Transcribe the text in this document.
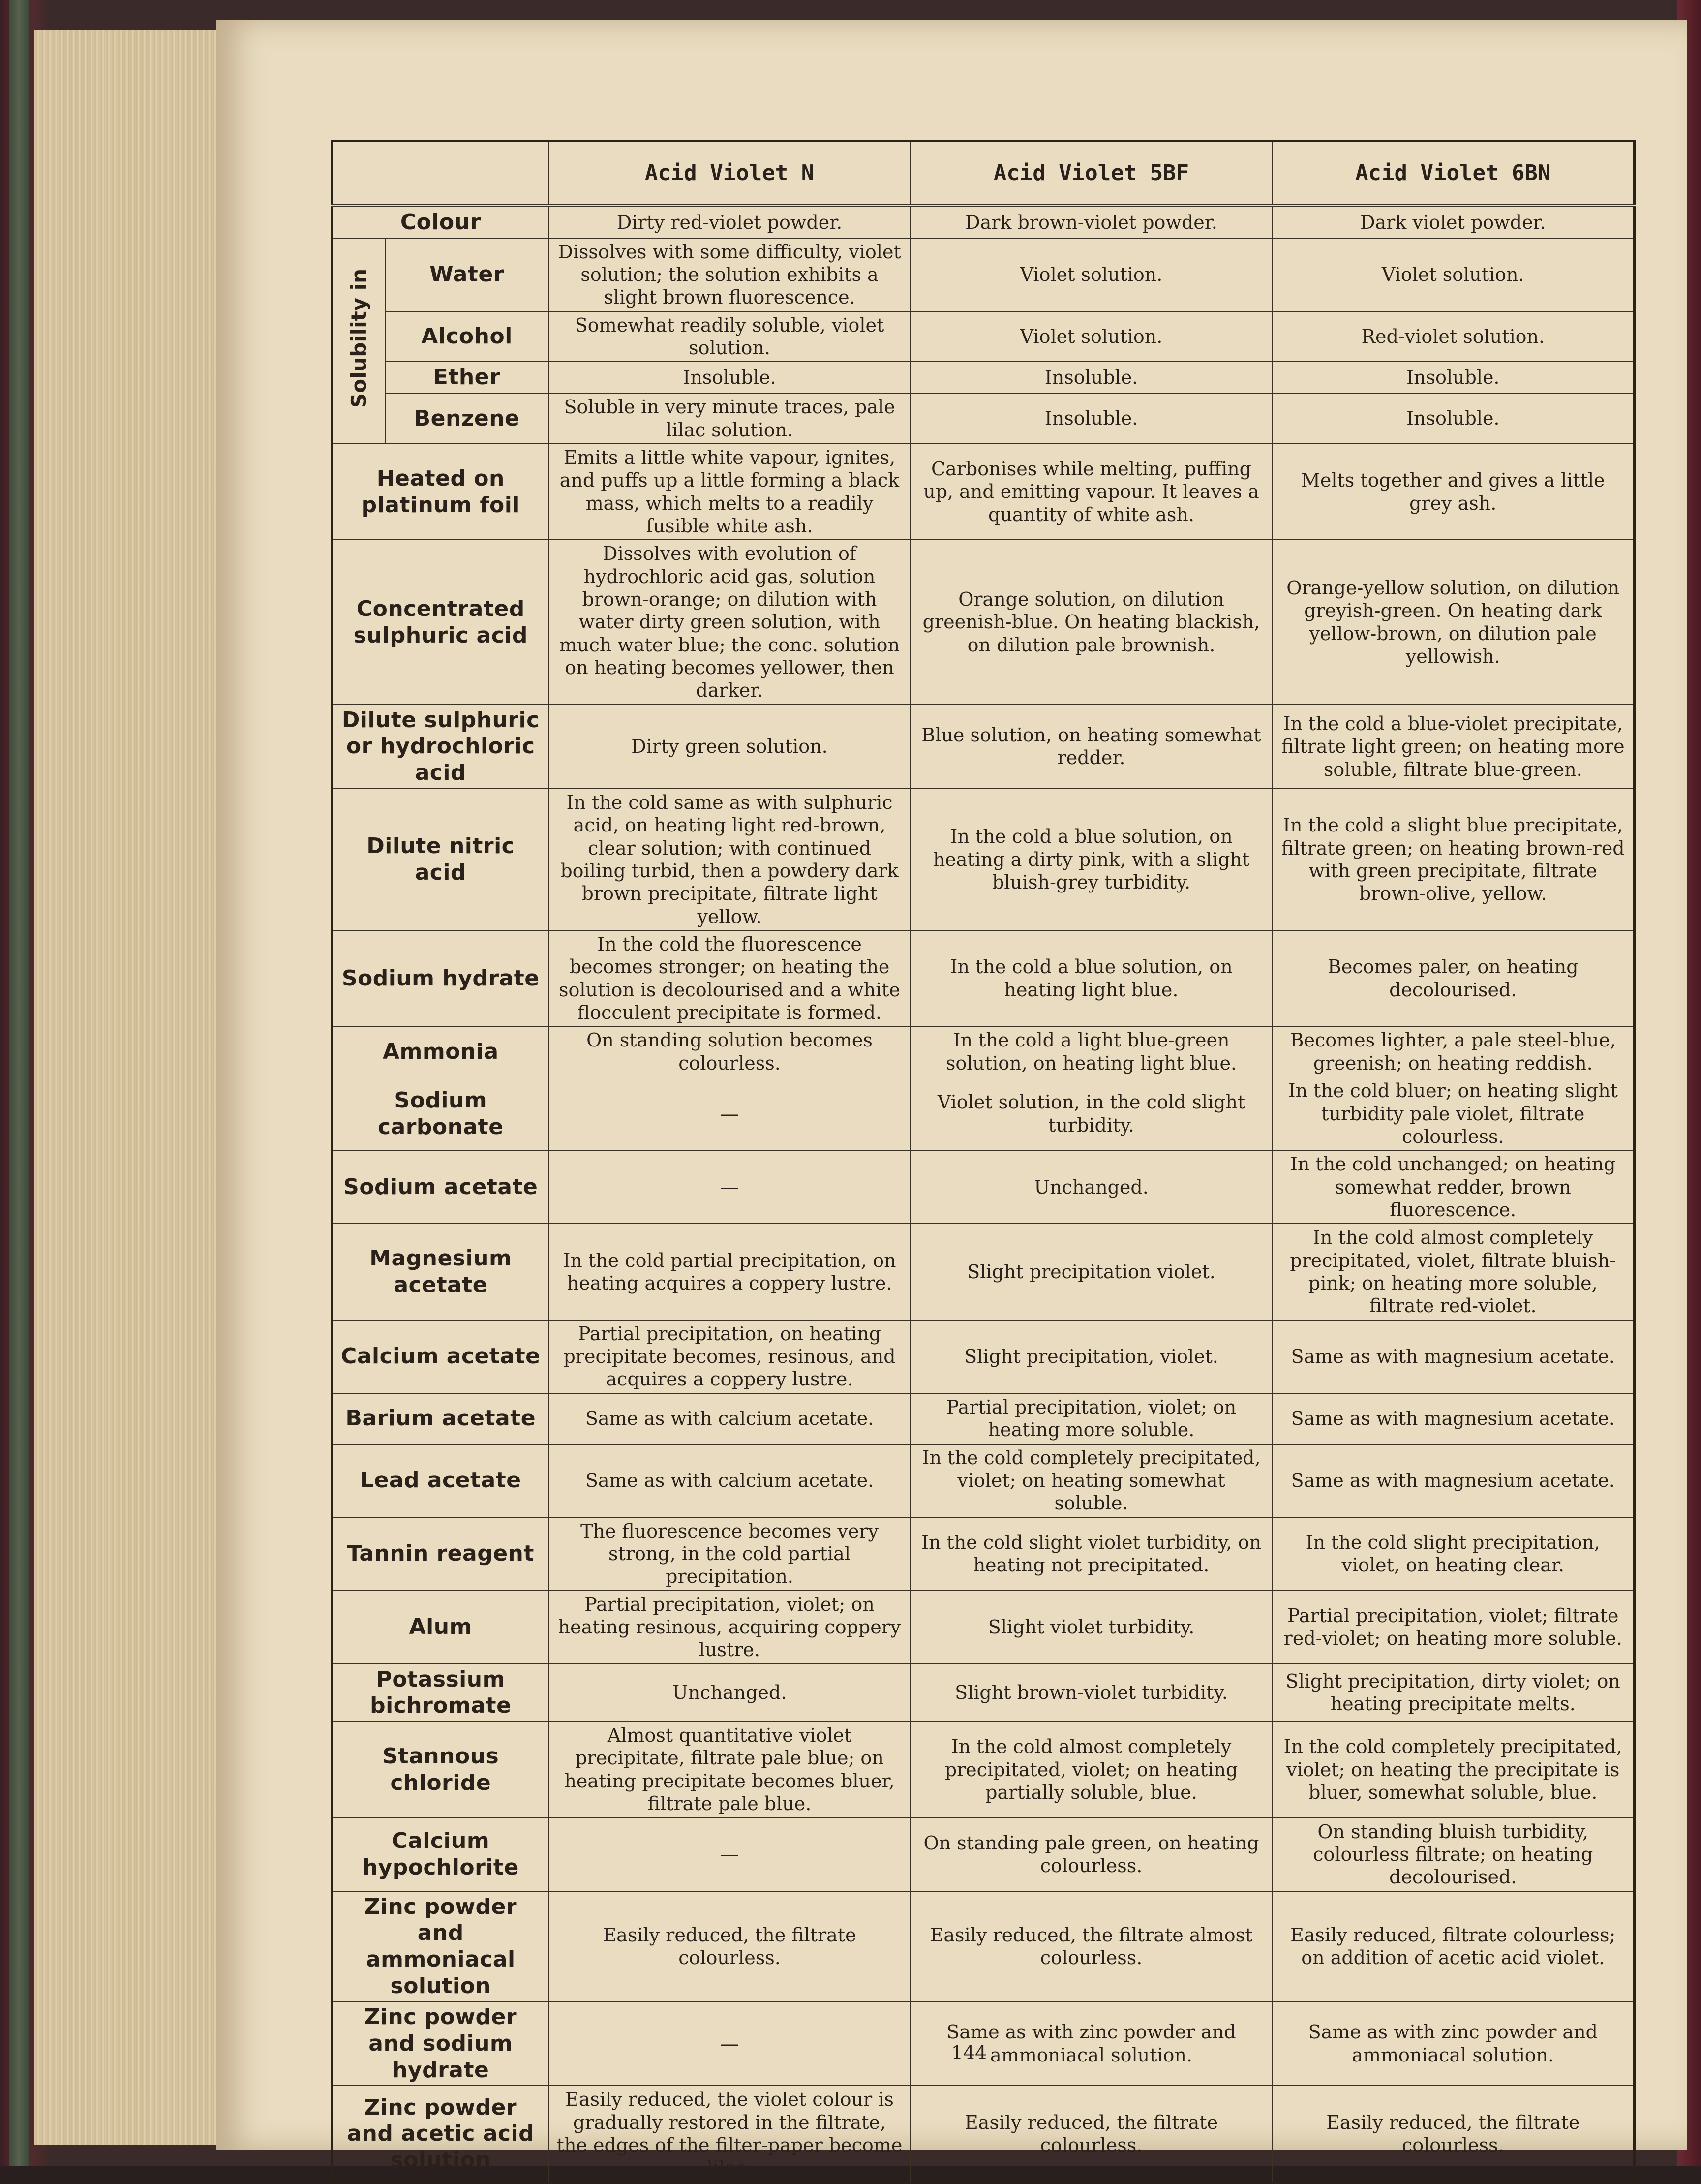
		Acid Violet N	Acid Violet 5BF	Acid Violet 6BN
Colour		Dirty red-violet powder.	Dark brown-violet powder.	Dark violet powder.
Solubility in	Water	Dissolves with some difficulty, violet solution; the solution exhibits a slight brown fluorescence.	Violet solution.	Violet solution.
	Alcohol	Somewhat readily soluble, violet solution.	Violet solution.	Red-violet solution.
	Ether	Insoluble.	Insoluble.	Insoluble.
	Benzene	Soluble in very minute traces, pale lilac solution.	Insoluble.	Insoluble.
Heated on platinum foil		Emits a little white vapour, ignites, and puffs up a little forming a black mass, which melts to a readily fusible white ash.	Carbonises while melting, puffing up, and emitting vapour. It leaves a quantity of white ash.	Melts together and gives a little grey ash.
Concentrated sulphuric acid		Dissolves with evolution of hydrochloric acid gas, solution brown-orange; on dilution with water dirty green solution, with much water blue; the conc. solution on heating becomes yellower, then darker.	Orange solution, on dilution greenish-blue. On heating blackish, on dilution pale brownish.	Orange-yellow solution, on dilution greyish-green. On heating dark yellow-brown, on dilution pale yellowish.
Dilute sulphuric or hydrochloric acid		Dirty green solution.	Blue solution, on heating somewhat redder.	In the cold a blue-violet precipitate, filtrate light green; on heating more soluble, filtrate blue-green.
Dilute nitric acid		In the cold same as with sulphuric acid, on heating light red-brown, clear solution; with continued boiling turbid, then a powdery dark brown precipitate, filtrate light yellow.	In the cold a blue solution, on heating a dirty pink, with a slight bluish-grey turbidity.	In the cold a slight blue precipitate, filtrate green; on heating brown-red with green precipitate, filtrate brown-olive, yellow.
Sodium hydrate		In the cold the fluorescence becomes stronger; on heating the solution is decolourised and a white flocculent precipitate is formed.	In the cold a blue solution, on heating light blue.	Becomes paler, on heating decolourised.
Ammonia		On standing solution becomes colourless.	In the cold a light blue-green solution, on heating light blue.	Becomes lighter, a pale steel-blue, greenish; on heating reddish.
Sodium carbonate		—	Violet solution, in the cold slight turbidity.	In the cold bluer; on heating slight turbidity pale violet, filtrate colourless.
Sodium acetate		—	Unchanged.	In the cold unchanged; on heating somewhat redder, brown fluorescence.
Magnesium acetate		In the cold partial precipitation, on heating acquires a coppery lustre.	Slight precipitation violet.	In the cold almost completely precipitated, violet, filtrate bluish-pink; on heating more soluble, filtrate red-violet.
Calcium acetate		Partial precipitation, on heating precipitate becomes, resinous, and acquires a coppery lustre.	Slight precipitation, violet.	Same as with magnesium acetate.
Barium acetate		Same as with calcium acetate.	Partial precipitation, violet; on heating more soluble.	Same as with magnesium acetate.
Lead acetate		Same as with calcium acetate.	In the cold completely precipitated, violet; on heating somewhat soluble.	Same as with magnesium acetate.
Tannin reagent		The fluorescence becomes very strong, in the cold partial precipitation.	In the cold slight violet turbidity, on heating not precipitated.	In the cold slight precipitation, violet, on heating clear.
Alum		Partial precipitation, violet; on heating resinous, acquiring coppery lustre.	Slight violet turbidity.	Partial precipitation, violet; filtrate red-violet; on heating more soluble.
Potassium bichromate		Unchanged.	Slight brown-violet turbidity.	Slight precipitation, dirty violet; on heating precipitate melts.
Stannous chloride		Almost quantitative violet precipitate, filtrate pale blue; on heating precipitate becomes bluer, filtrate pale blue.	In the cold almost completely precipitated, violet; on heating partially soluble, blue.	In the cold completely precipitated, violet; on heating the precipitate is bluer, somewhat soluble, blue.
Calcium hypochlorite		—	On standing pale green, on heating colourless.	On standing bluish turbidity, colourless filtrate; on heating decolourised.
Zinc powder and ammoniacal solution		Easily reduced, the filtrate colourless.	Easily reduced, the filtrate almost colourless.	Easily reduced, filtrate colourless; on addition of acetic acid violet.
Zinc powder and sodium hydrate		—	Same as with zinc powder and ammoniacal solution.	Same as with zinc powder and ammoniacal solution.
Zinc powder and acetic acid solution		Easily reduced, the violet colour is gradually restored in the filtrate, the edges of the filter-paper become lilac.	Easily reduced, the filtrate colourless.	Easily reduced, the filtrate colourless.
144
